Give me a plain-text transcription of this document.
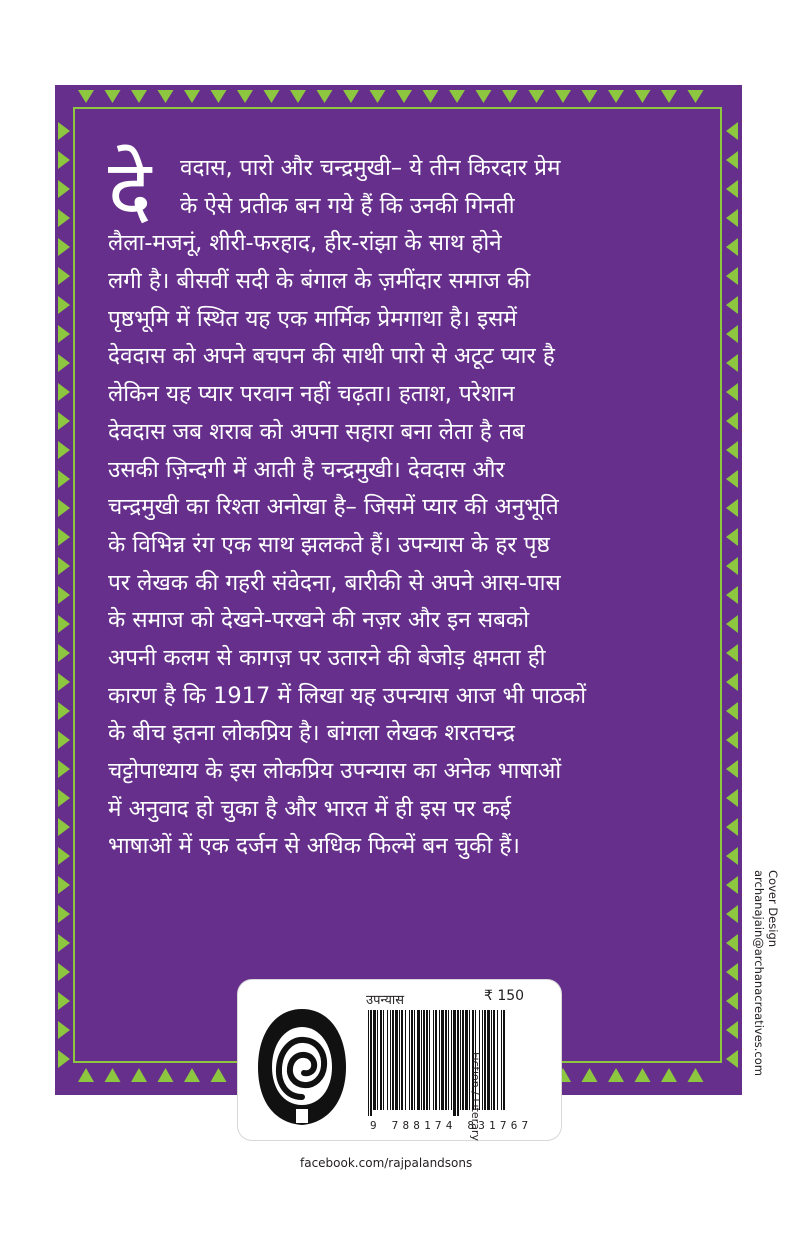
दे वदास, पारो और चन्द्रमुखी– ये तीन किरदार प्रेम
के ऐसे प्रतीक बन गये हैं कि उनकी गिनती
लैला-मजनूं, शीरी-फरहाद, हीर-रांझा के साथ होने
लगी है। बीसवीं सदी के बंगाल के ज़मींदार समाज की
पृष्ठभूमि में स्थित यह एक मार्मिक प्रेमगाथा है। इसमें
देवदास को अपने बचपन की साथी पारो से अटूट प्यार है
लेकिन यह प्यार परवान नहीं चढ़ता। हताश, परेशान
देवदास जब शराब को अपना सहारा बना लेता है तब
उसकी ज़िन्दगी में आती है चन्द्रमुखी। देवदास और
चन्द्रमुखी का रिश्ता अनोखा है– जिसमें प्यार की अनुभूति
के विभिन्न रंग एक साथ झलकते हैं। उपन्यास के हर पृष्ठ
पर लेखक की गहरी संवेदना, बारीकी से अपने आस-पास
के समाज को देखने-परखने की नज़र और इन सबको
अपनी कलम से कागज़ पर उतारने की बेजोड़ क्षमता ही
कारण है कि 1917 में लिखा यह उपन्यास आज भी पाठकों
के बीच इतना लोकप्रिय है। बांगला लेखक शरतचन्द्र
चट्टोपाध्याय के इस लोकप्रिय उपन्यास का अनेक भाषाओं
में अनुवाद हो चुका है और भारत में ही इस पर कई
भाषाओं में एक दर्जन से अधिक फिल्में बन चुकी हैं।
उपन्यास	₹ 150
9 788174 831767
Fiction / Literary
facebook.com/rajpalandsons
Cover Design
archanajain@archanacreatives.com
